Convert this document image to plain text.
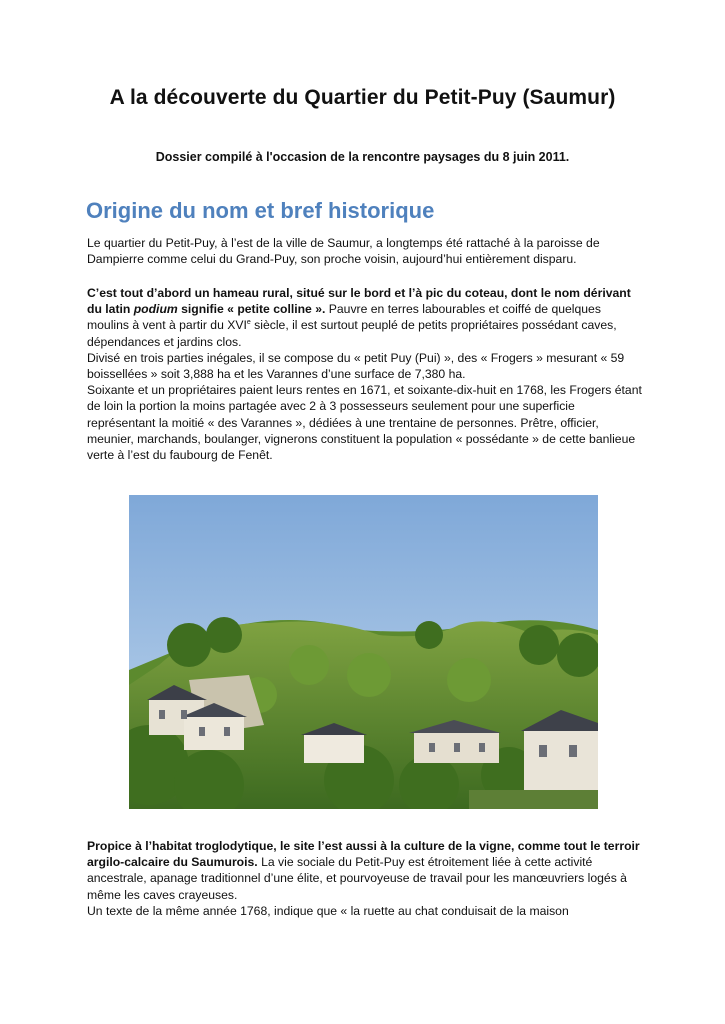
A la découverte du Quartier du Petit-Puy (Saumur)

Dossier compilé à l'occasion de la rencontre paysages du 8 juin 2011.

Origine du nom et bref historique

Le quartier du Petit-Puy, à l’est de la ville de Saumur, a longtemps été rattaché à la paroisse de Dampierre comme celui du Grand-Puy, son proche voisin, aujourd’hui entièrement disparu.

C’est tout d’abord un hameau rural, situé sur le bord et l’à pic du coteau, dont le nom dérivant du latin podium signifie « petite colline ». Pauvre en terres labourables et coiffé de quelques moulins à vent à partir du XVIe siècle, il est surtout peuplé de petits propriétaires possédant caves, dépendances et jardins clos.
Divisé en trois parties inégales, il se compose du « petit Puy (Pui) », des « Frogers » mesurant « 59 boissellées » soit 3,888 ha et les Varannes d’une surface de 7,380 ha.
Soixante et un propriétaires paient leurs rentes en 1671, et soixante-dix-huit en 1768, les Frogers étant de loin la portion la moins partagée avec 2 à 3 possesseurs seulement pour une superficie représentant la moitié « des Varannes », dédiées à une trentaine de personnes. Prêtre, officier, meunier, marchands, boulanger, vignerons constituent la population « possédante » de cette banlieue verte à l’est du faubourg de Fenêt.
Propice à l’habitat troglodytique, le site l’est aussi à la culture de la vigne, comme tout le terroir argilo-calcaire du Saumurois. La vie sociale du Petit-Puy est étroitement liée à cette activité ancestrale, apanage traditionnel d’une élite, et pourvoyeuse de travail pour les manœuvriers logés à même les caves crayeuses.
Un texte de la même année 1768, indique que « la ruette au chat conduisait de la maison
